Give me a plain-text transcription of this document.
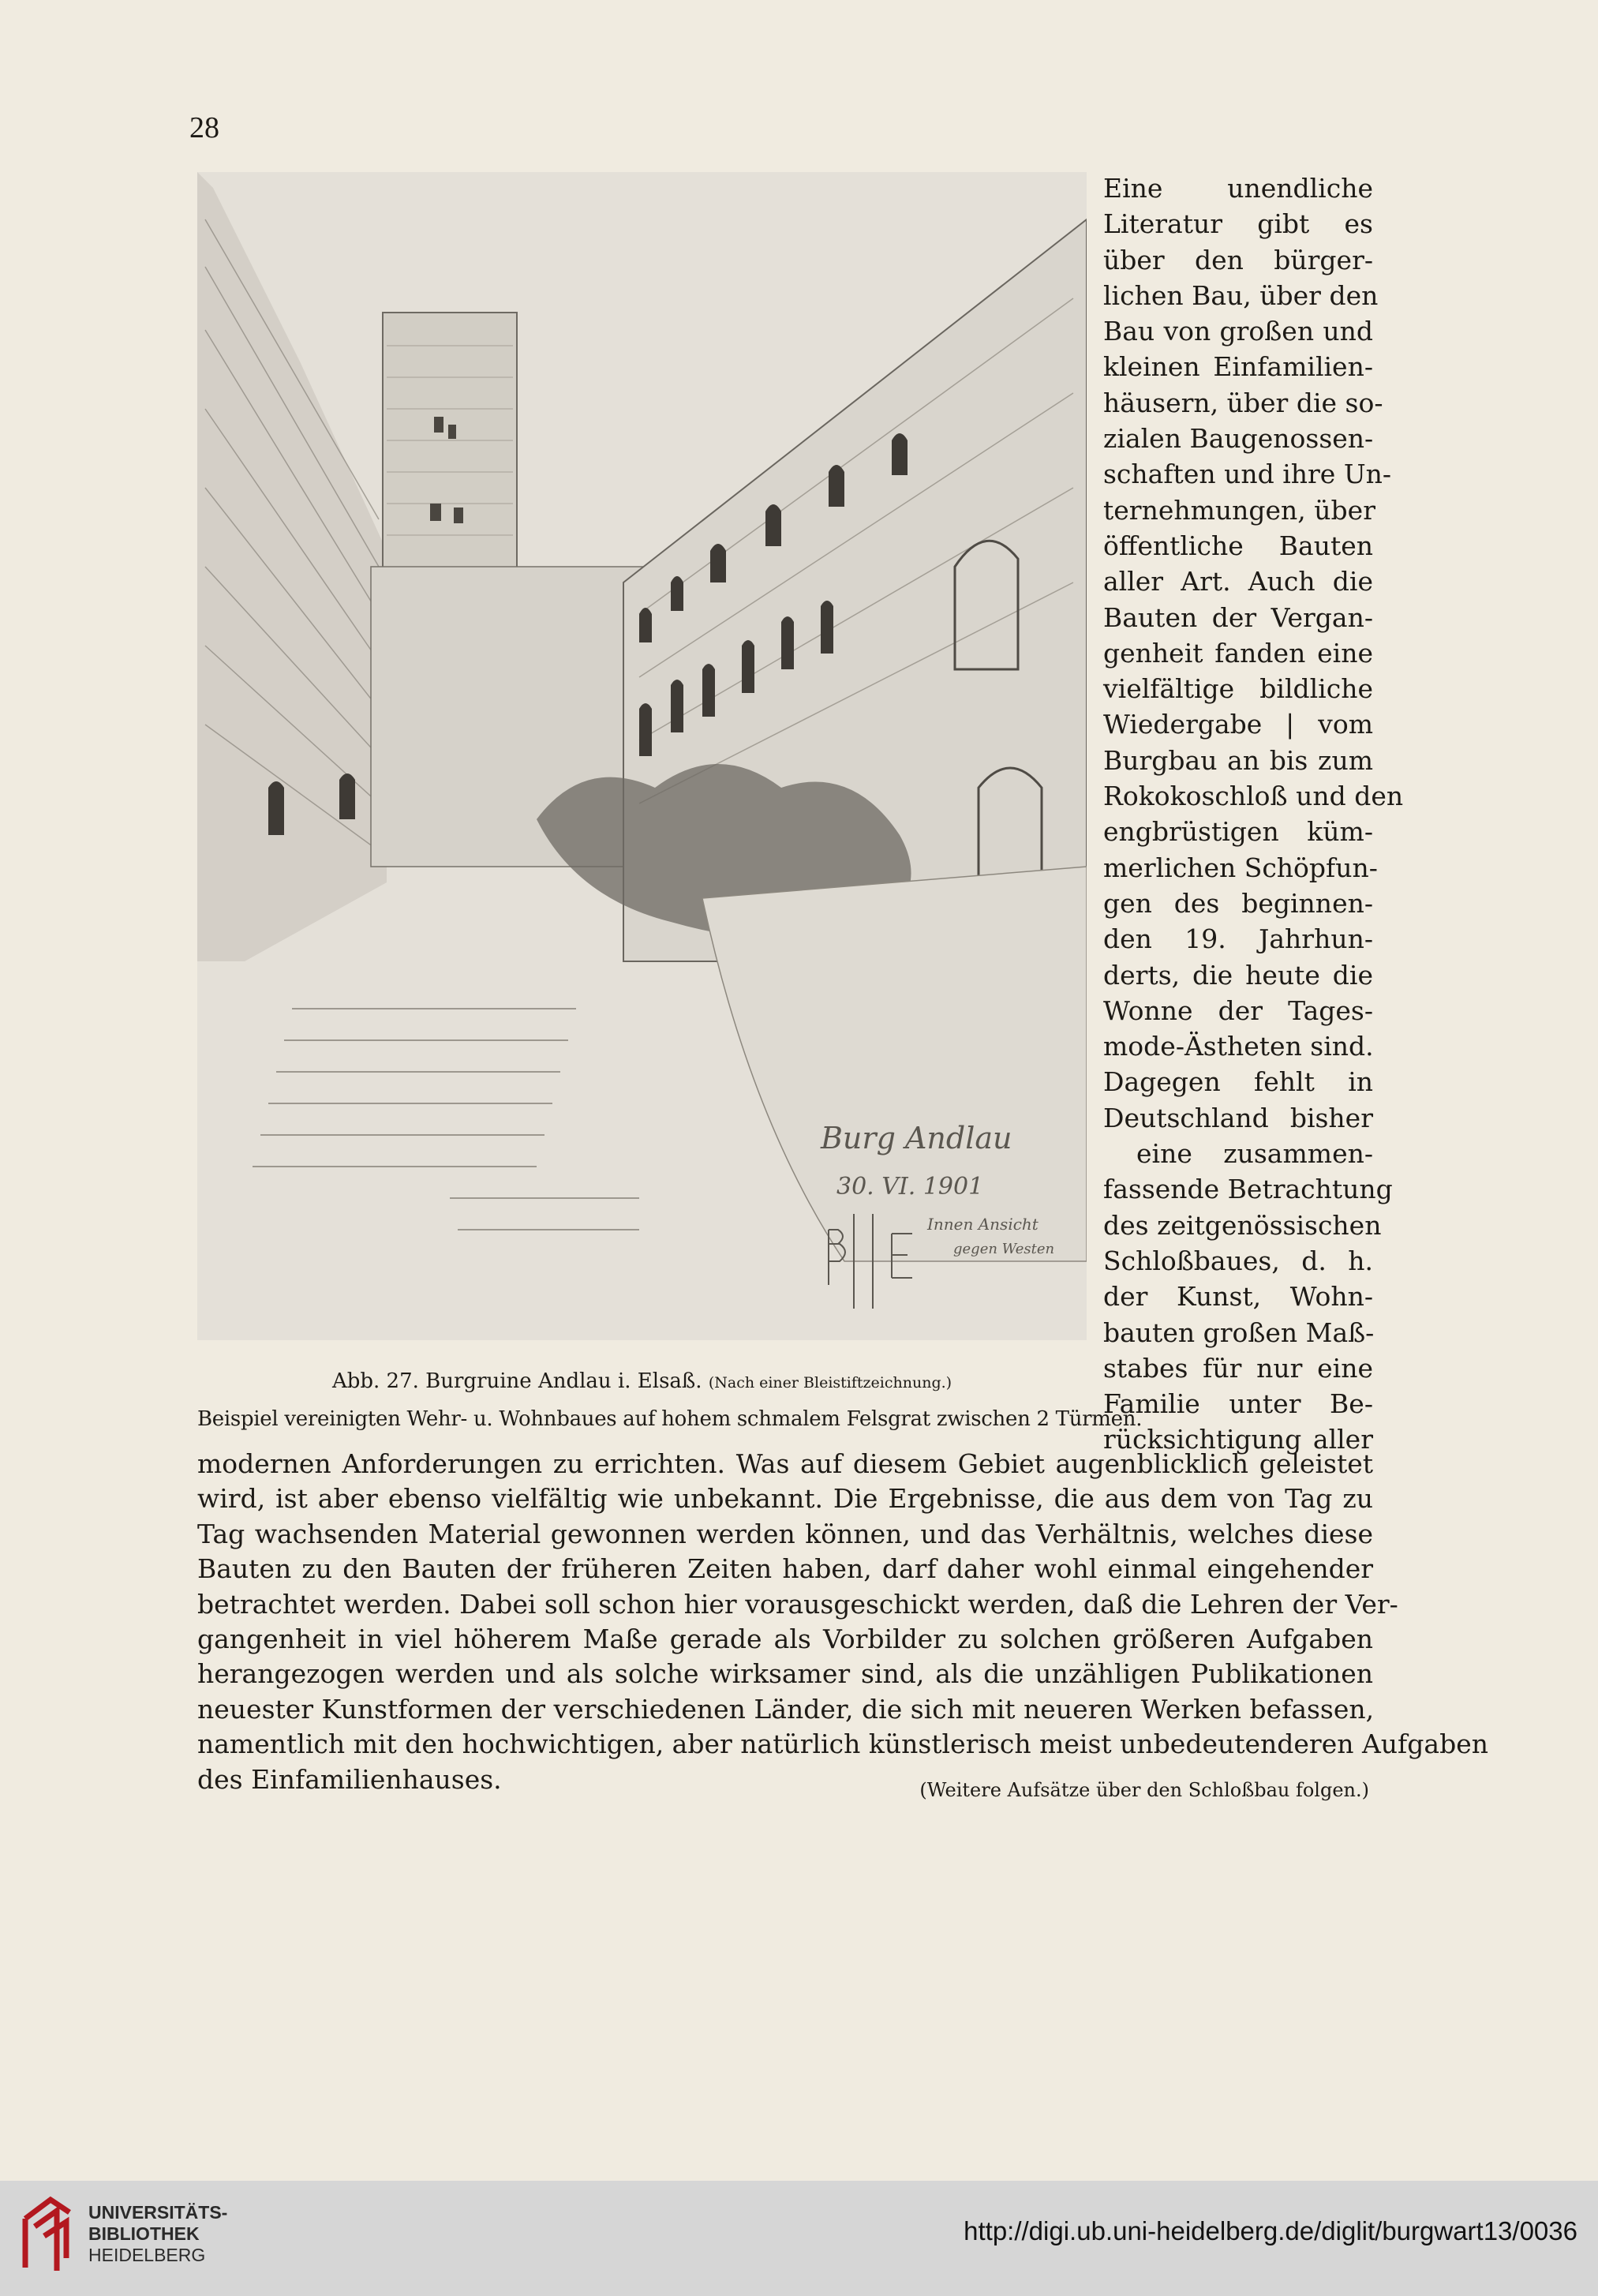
28
Burg Andlau
30. VI. 1901
Innen Ansicht
gegen Westen
Abb. 27. Burgruine Andlau i. Elsaß. (Nach einer Bleistiftzeichnung.)
Beispiel vereinigten Wehr- u. Wohnbaues auf hohem schmalem Felsgrat zwischen 2 Türmen.
Eine unendliche
Literatur gibt es
über den bürger-
lichen Bau, über den
Bau von großen und
kleinen Einfamilien-
häusern, über die so-
zialen Baugenossen-
schaften und ihre Un-
ternehmungen, über
öffentliche Bauten
aller Art. Auch die
Bauten der Vergan-
genheit fanden eine
vielfältige bildliche
Wiedergabe | vom
Burgbau an bis zum
Rokokoschloß und den
engbrüstigen küm-
merlichen Schöpfun-
gen des beginnen-
den 19. Jahrhun-
derts, die heute die
Wonne der Tages-
mode-Ästheten sind.
Dagegen fehlt in
Deutschland bisher
eine zusammen-
fassende Betrachtung
des zeitgenössischen
Schloßbaues, d. h.
der Kunst, Wohn-
bauten großen Maß-
stabes für nur eine
Familie unter Be-
rücksichtigung aller
modernen Anforderungen zu errichten. Was auf diesem Gebiet augenblicklich geleistet
wird, ist aber ebenso vielfältig wie unbekannt. Die Ergebnisse, die aus dem von Tag zu
Tag wachsenden Material gewonnen werden können, und das Verhältnis, welches diese
Bauten zu den Bauten der früheren Zeiten haben, darf daher wohl einmal eingehender
betrachtet werden. Dabei soll schon hier vorausgeschickt werden, daß die Lehren der Ver-
gangenheit in viel höherem Maße gerade als Vorbilder zu solchen größeren Aufgaben
herangezogen werden und als solche wirksamer sind, als die unzähligen Publikationen
neuester Kunstformen der verschiedenen Länder, die sich mit neueren Werken befassen,
namentlich mit den hochwichtigen, aber natürlich künstlerisch meist unbedeutenderen Aufgaben
des Einfamilienhauses.	(Weitere Aufsätze über den Schloßbau folgen.)
UNIVERSITÄTS-
BIBLIOTHEK
HEIDELBERG
http://digi.ub.uni-heidelberg.de/diglit/burgwart13/0036
